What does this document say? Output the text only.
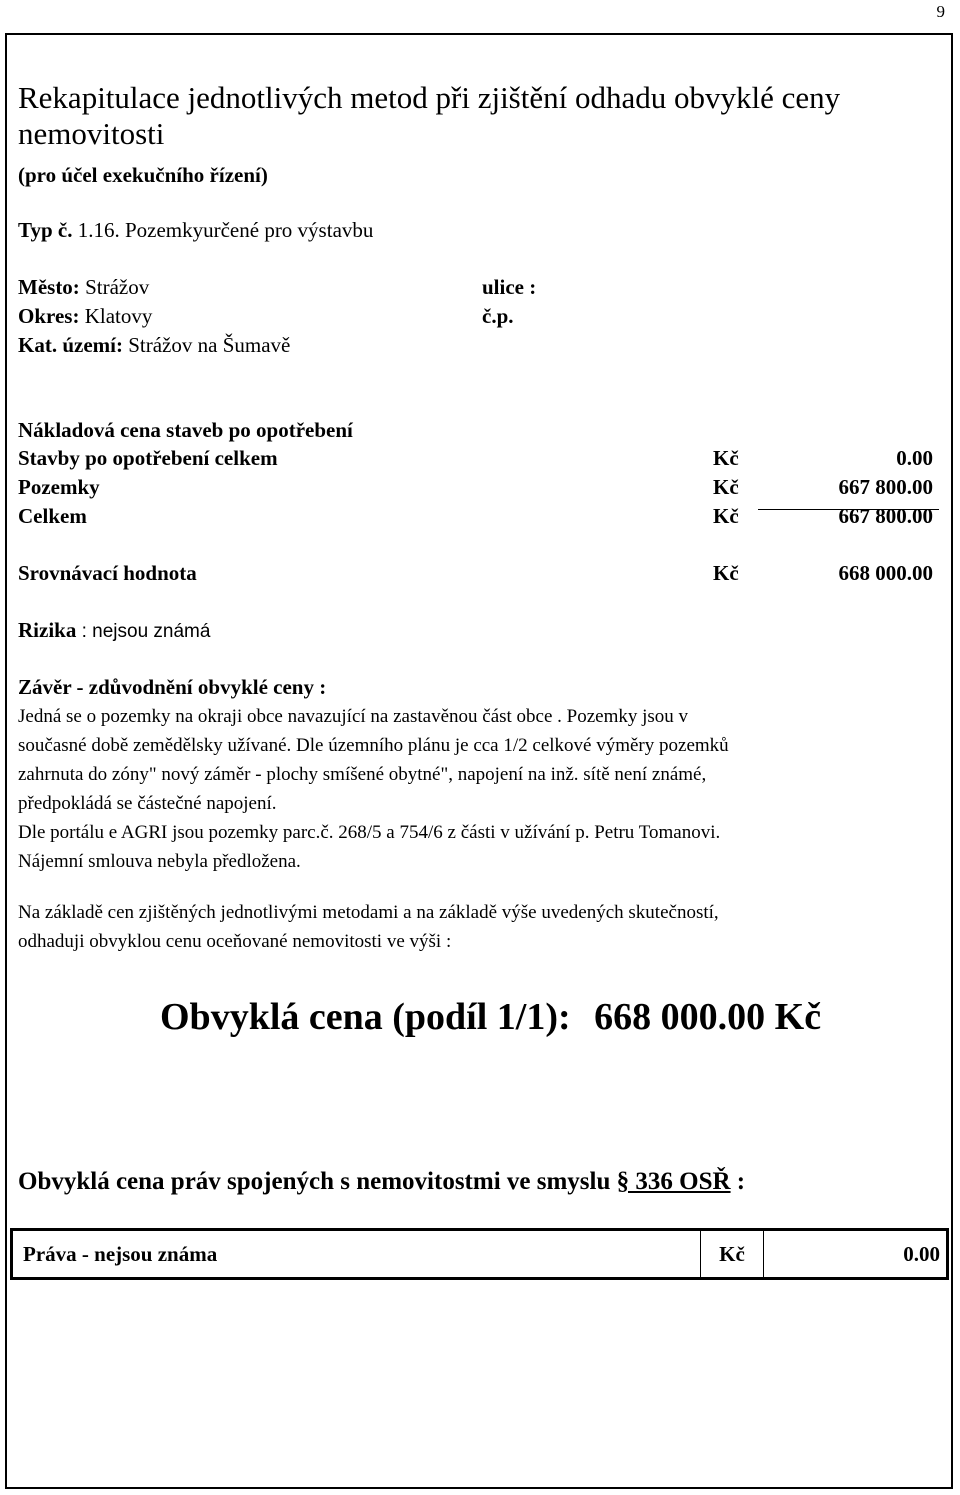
9
Rekapitulace jednotlivých metod při zjištění odhadu obvyklé ceny nemovitosti
(pro účel exekučního řízení)
Typ č. 1.16. Pozemkyurčené pro výstavbu
Město: Strážov	ulice :
Okres: Klatovy	č.p.
Kat. území: Strážov na Šumavě
Nákladová cena staveb po opotřebení
Stavby po opotřebení celkem	Kč	0.00
Pozemky	Kč	667 800.00
Celkem	Kč	667 800.00
Srovnávací hodnota	Kč	668 000.00
Rizika : nejsou známá
Závěr - zdůvodnění obvyklé ceny :
Jedná se o pozemky na okraji obce navazující na zastavěnou část obce . Pozemky jsou v
současné době zemědělsky užívané. Dle územního plánu je cca 1/2 celkové výměry pozemků
zahrnuta do zóny" nový záměr - plochy smíšené obytné", napojení na inž. sítě není známé,
předpokládá se částečné napojení.
Dle portálu e AGRI jsou pozemky parc.č. 268/5 a 754/6 z části v užívání p. Petru Tomanovi.
Nájemní smlouva nebyla předložena.
Na základě cen zjištěných jednotlivými metodami a na základě výše uvedených skutečností,
odhaduji obvyklou cenu oceňované nemovitosti ve výši :
Obvyklá cena (podíl 1/1): 668 000.00 Kč
Obvyklá cena práv spojených s nemovitostmi ve smyslu § 336 OSŘ :
Práva - nejsou známa	Kč	0.00
